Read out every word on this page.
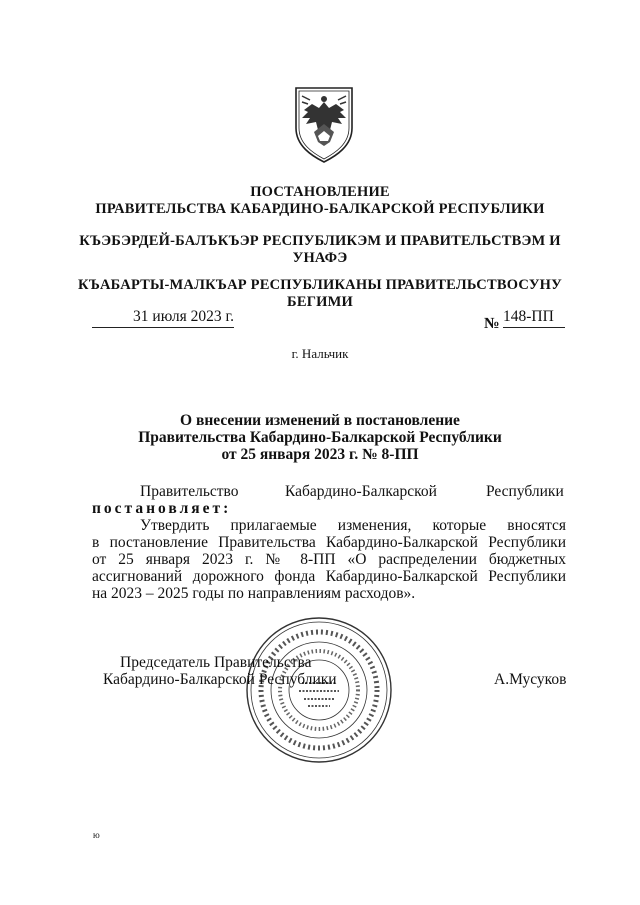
ПОСТАНОВЛЕНИЕ
ПРАВИТЕЛЬСТВА КАБАРДИНО-БАЛКАРСКОЙ РЕСПУБЛИКИ
КЪЭБЭРДЕЙ-БАЛЪКЪЭР РЕСПУБЛИКЭМ И ПРАВИТЕЛЬСТВЭМ И
УНАФЭ
КЪАБАРТЫ-МАЛКЪАР РЕСПУБЛИКАНЫ ПРАВИТЕЛЬСТВОСУНУ
БЕГИМИ
31 июля 2023 г.	№ 148-ПП
г. Нальчик
О внесении изменений в постановление
Правительства Кабардино-Балкарской Республики
от 25 января 2023 г. № 8-ПП
Правительство	Кабардино-Балкарской	Республики
постановляет:
Утвердить прилагаемые изменения, которые вносятся
в постановление Правительства Кабардино-Балкарской Республики
от 25 января 2023 г. № 8-ПП «О распределении бюджетных
ассигнований дорожного фонда Кабардино-Балкарской Республики
на 2023 – 2025 годы по направлениям расходов».
Председатель Правительства
Кабардино-Балкарской Республики	А.Мусуков
ю
